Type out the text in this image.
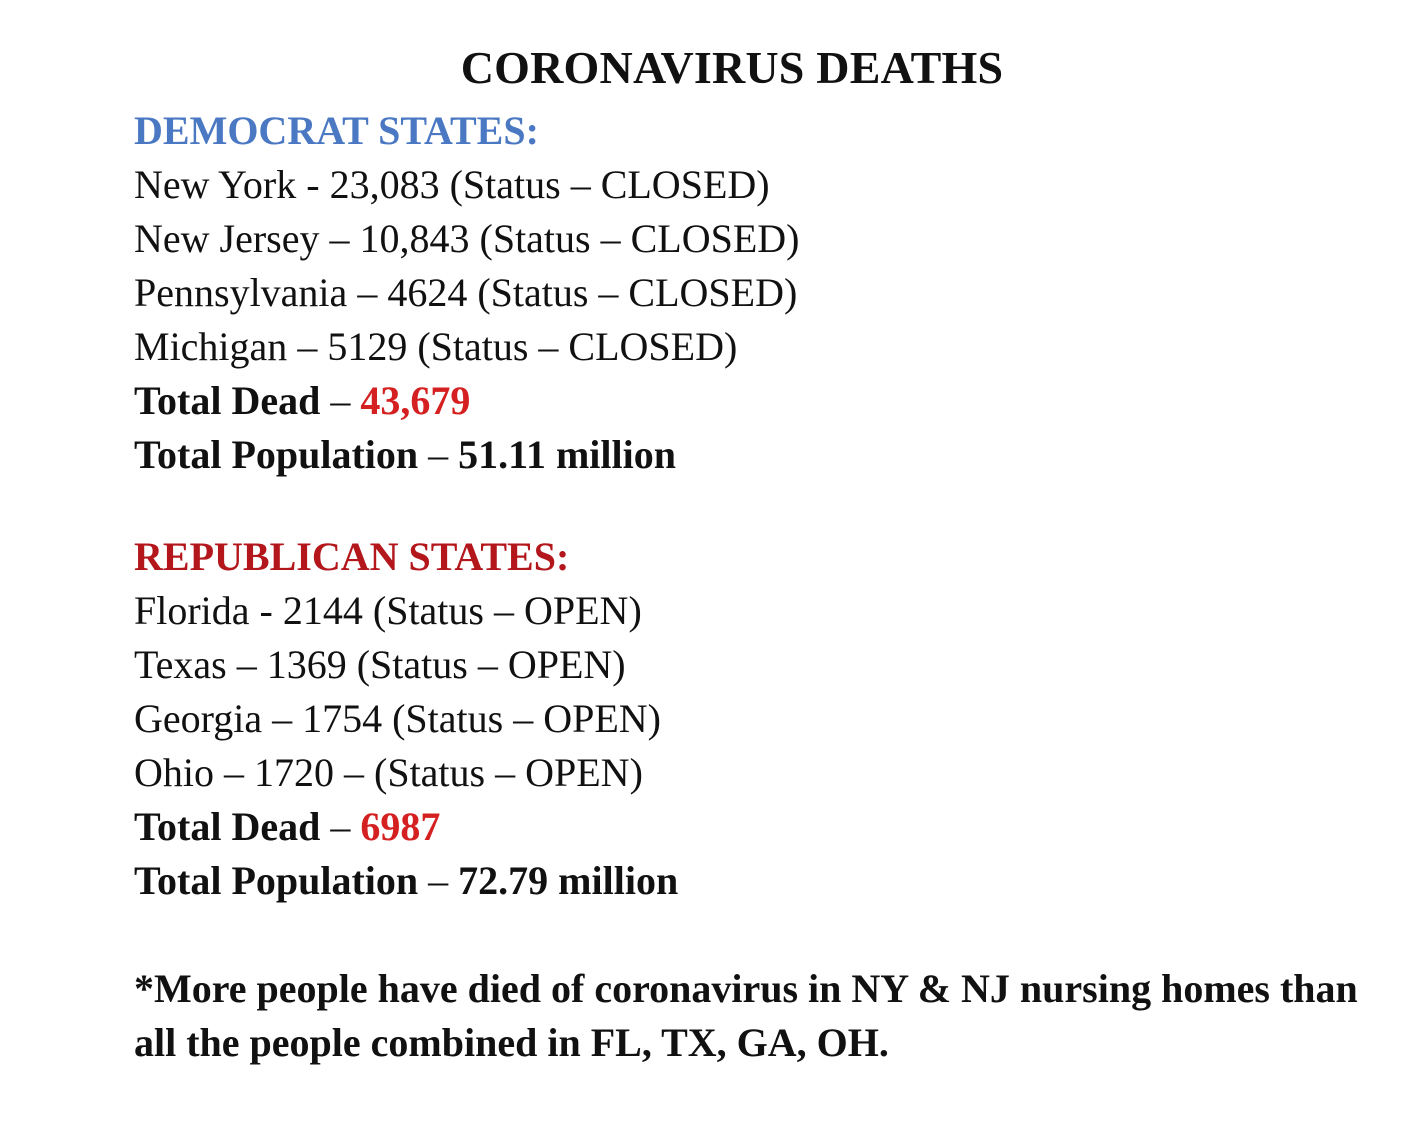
CORONAVIRUS DEATHS
DEMOCRAT STATES:
New York - 23,083 (Status – CLOSED)
New Jersey – 10,843 (Status – CLOSED)
Pennsylvania – 4624 (Status – CLOSED)
Michigan – 5129 (Status – CLOSED)
Total Dead – 43,679
Total Population – 51.11 million
REPUBLICAN STATES:
Florida - 2144 (Status – OPEN)
Texas – 1369 (Status – OPEN)
Georgia – 1754 (Status – OPEN)
Ohio – 1720 – (Status – OPEN)
Total Dead – 6987
Total Population – 72.79 million
*More people have died of coronavirus in NY & NJ nursing homes than all the people combined in FL, TX, GA, OH.
